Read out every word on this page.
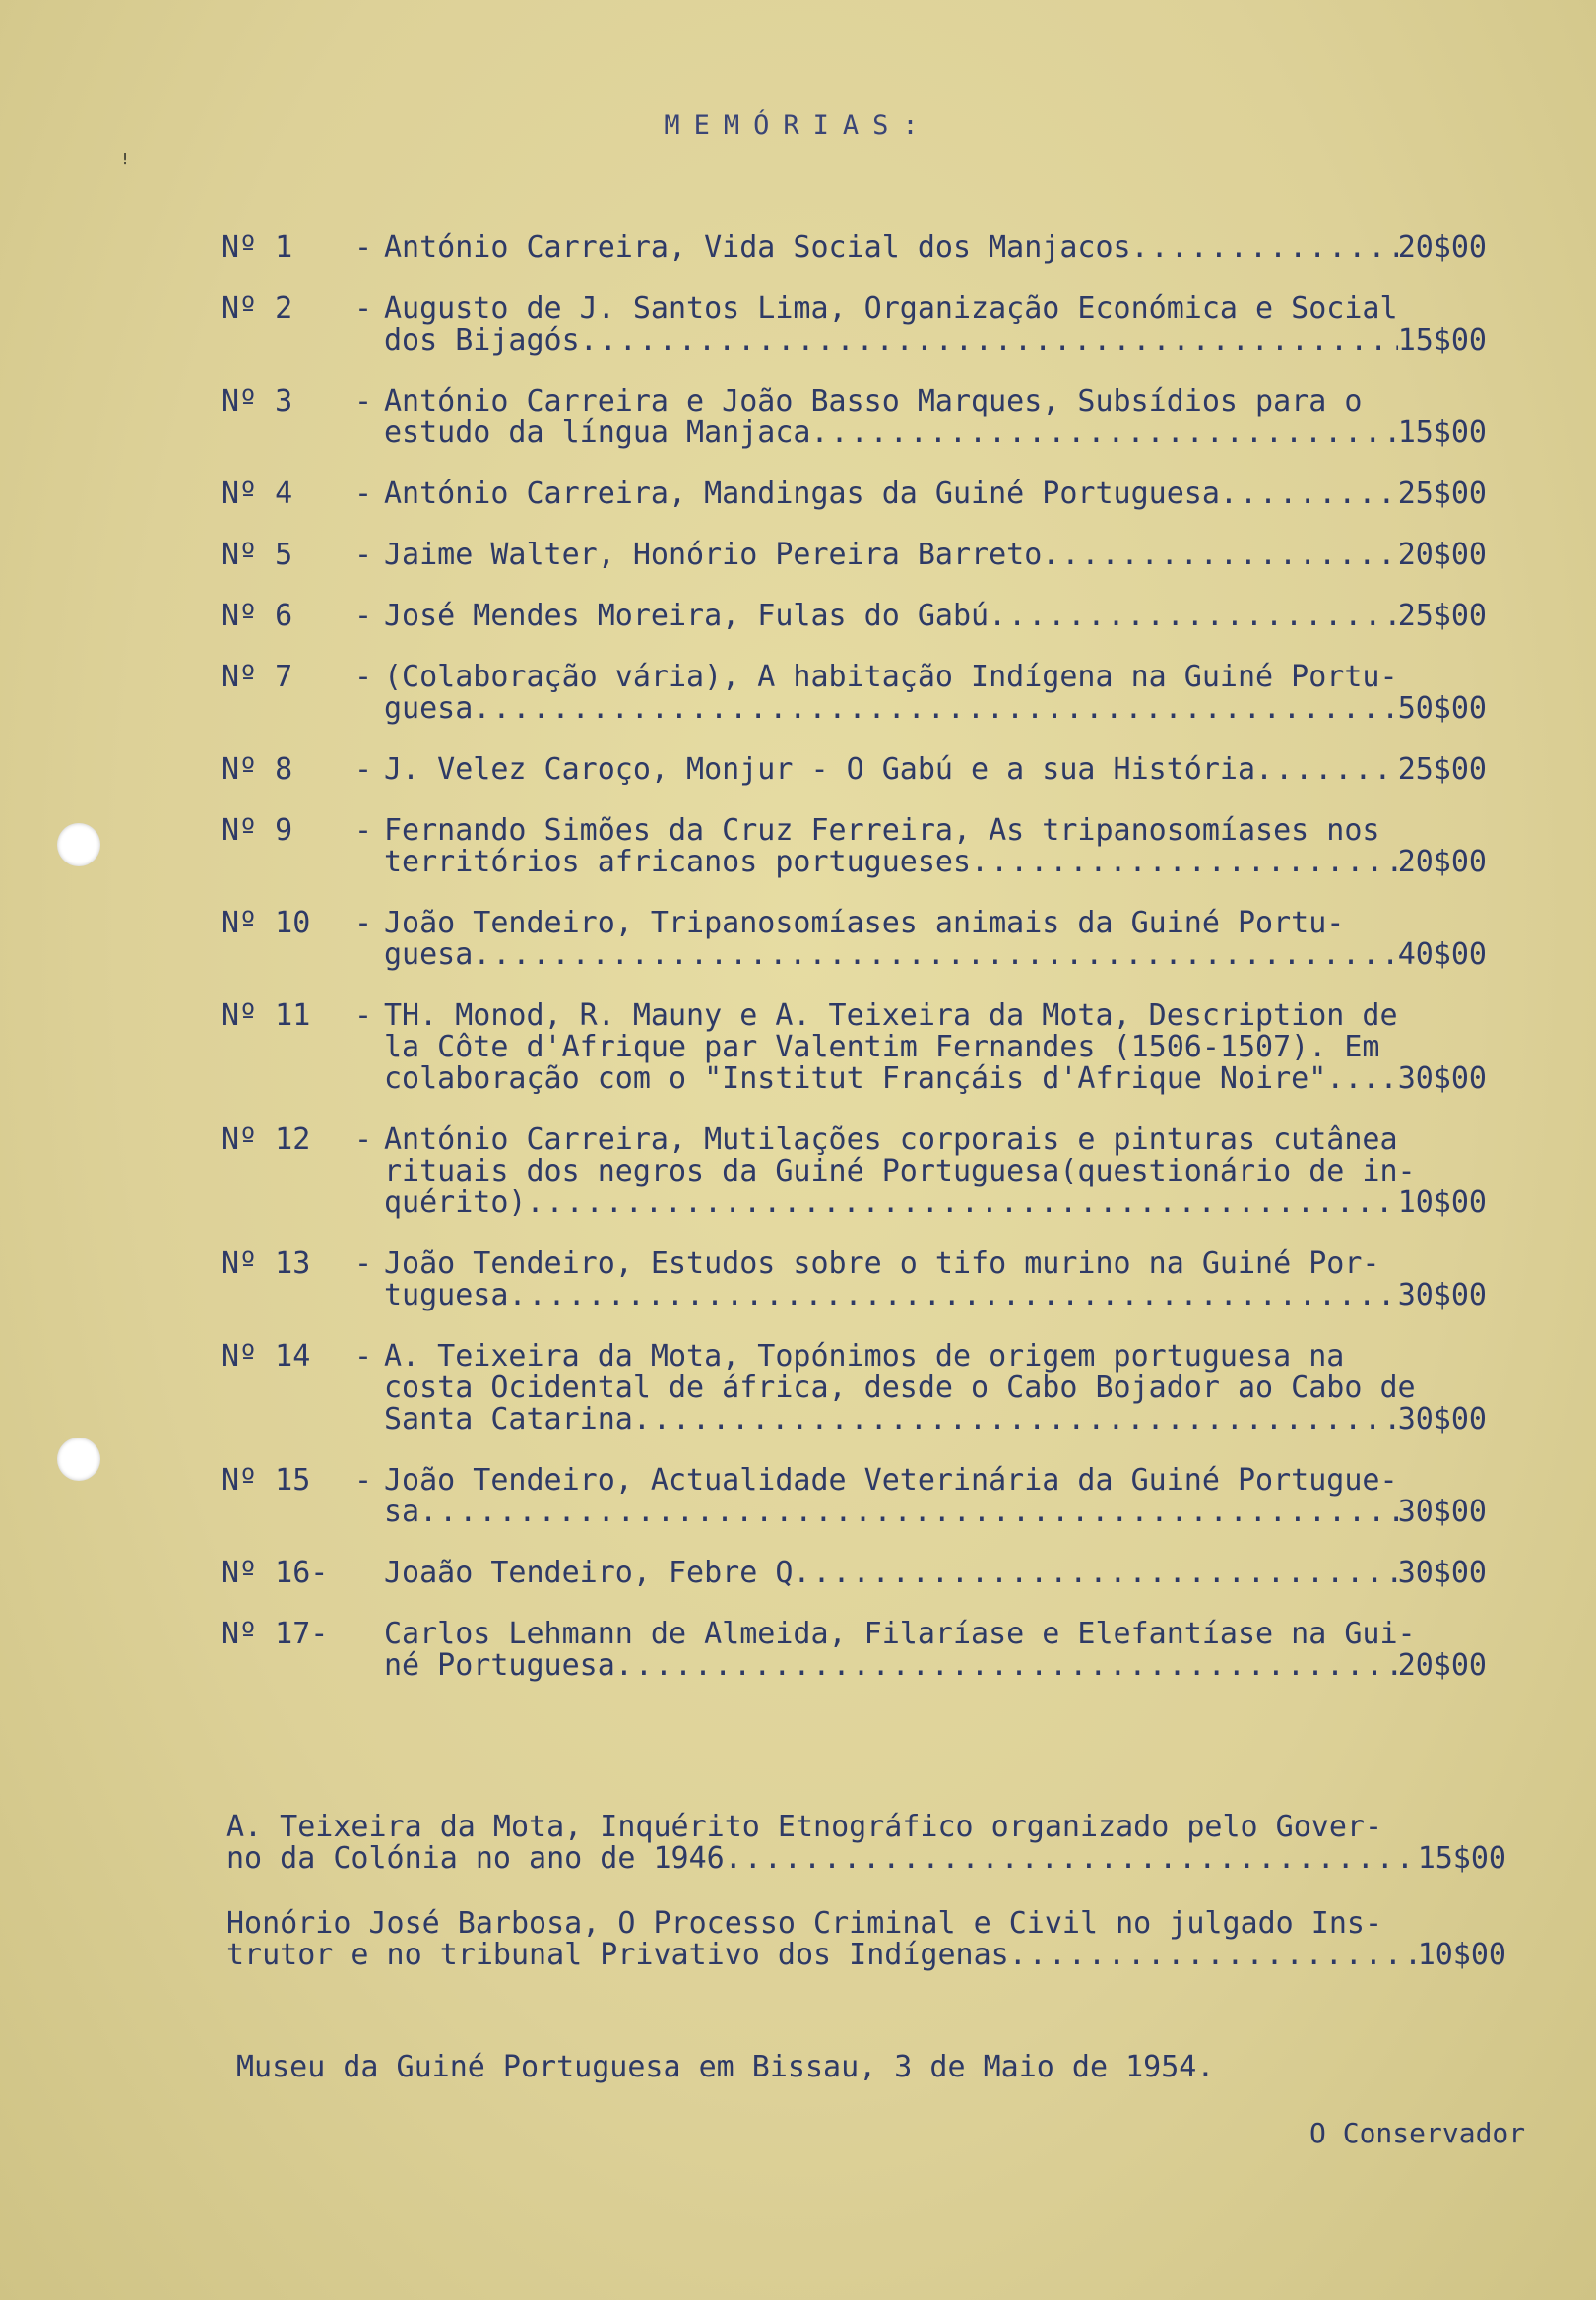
ꜝ
MEMÓRIAS:
Nº 1	- António Carreira, Vida Social dos Manjacos .....	20$00
Nº 2	- Augusto de J. Santos Lima, Organização Económica e Social
dos Bijagós .....	15$00
Nº 3	- António Carreira e João Basso Marques, Subsídios para o
estudo da língua Manjaca .....	15$00
Nº 4	- António Carreira, Mandingas da Guiné Portuguesa .....	25$00
Nº 5	- Jaime Walter, Honório Pereira Barreto .....	20$00
Nº 6	- José Mendes Moreira, Fulas do Gabú .....	25$00
Nº 7	- (Colaboração vária), A habitação Indígena na Guiné Portu-
guesa .....	50$00
Nº 8	- J. Velez Caroço, Monjur - O Gabú e a sua História .....	25$00
Nº 9	- Fernando Simões da Cruz Ferreira, As tripanosomíases nos
territórios africanos portugueses .....	20$00
Nº 10	- João Tendeiro, Tripanosomíases animais da Guiné Portu-
guesa .....	40$00
Nº 11	- TH. Monod, R. Mauny e A. Teixeira da Mota, Description de
la Côte d'Afrique par Valentim Fernandes (1506-1507). Em
colaboração com o "Institut Françáis d'Afrique Noire"... ..... 30$00
Nº 12	- António Carreira, Mutilações corporais e pinturas cutânea
rituais dos negros da Guiné Portuguesa(questionário de in-
quérito) .....	10$00
Nº 13	- João Tendeiro, Estudos sobre o tifo murino na Guiné Por-
tuguesa .....	30$00
Nº 14	- A. Teixeira da Mota, Topónimos de origem portuguesa na
costa Ocidental de áfrica, desde o Cabo Bojador ao Cabo de
Santa Catarina .....	30$00
Nº 15	- João Tendeiro, Actualidade Veterinária da Guiné Portugue-
sa .....	30$00
Nº 16-	Joaão Tendeiro, Febre Q .....	30$00
Nº 17-	Carlos Lehmann de Almeida, Filaríase e Elefantíase na Gui-
né Portuguesa .....	20$00
A. Teixeira da Mota, Inquérito Etnográfico organizado pelo Gover-
no da Colónia no ano de 1946 .....	15$00
Honório José Barbosa, O Processo Criminal e Civil no julgado Ins-
trutor e no tribunal Privativo dos Indígenas .....	10$00
Museu da Guiné Portuguesa em Bissau, 3 de Maio de 1954.
O Conservador
